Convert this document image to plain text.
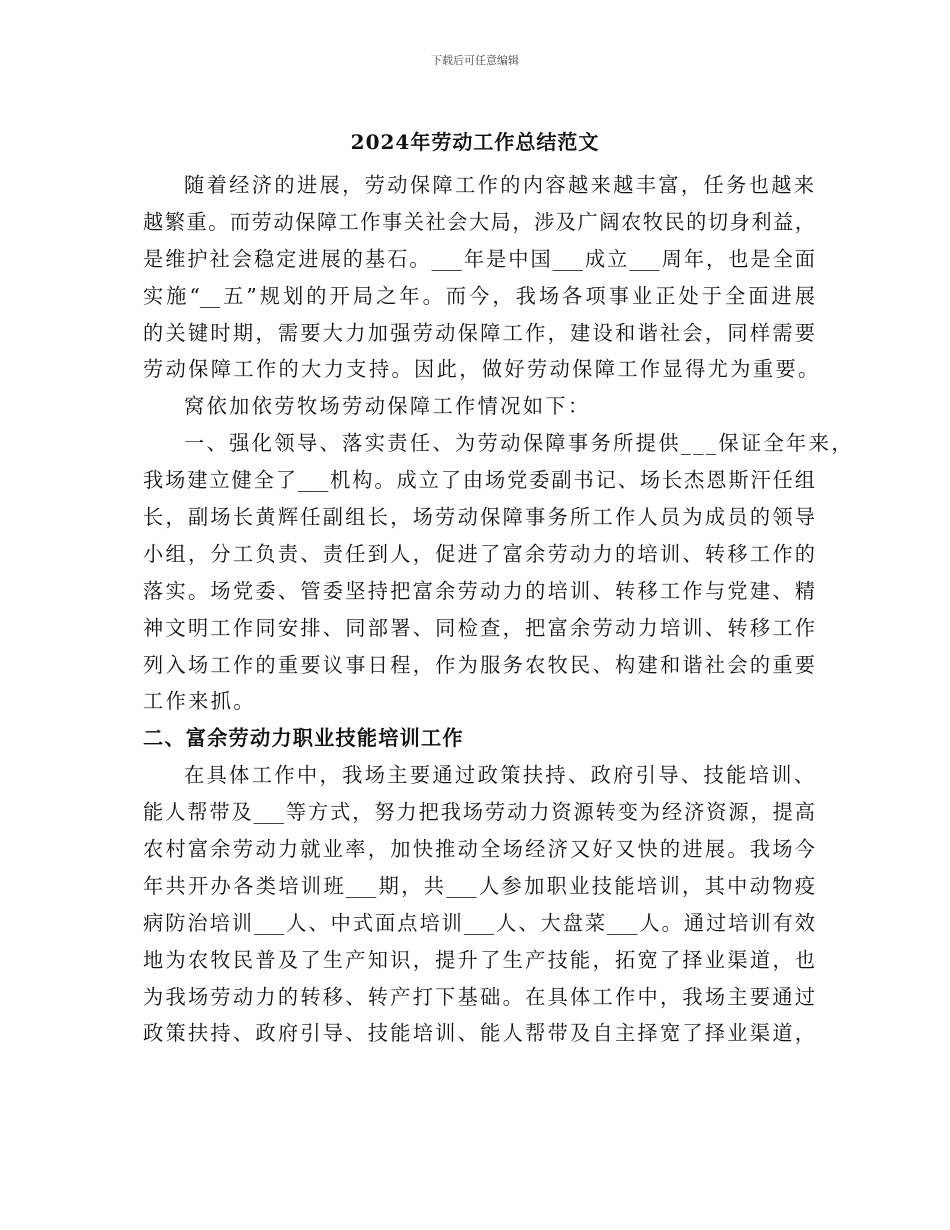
下载后可任意编辑
2024年劳动工作总结范文
随着经济的进展，劳动保障工作的内容越来越丰富，任务也越来
越繁重。而劳动保障工作事关社会大局，涉及广阔农牧民的切身利益，
是维护社会稳定进展的基石。___年是中国___成立___周年，也是全面
实施“__五”规划的开局之年。而今，我场各项事业正处于全面进展
的关键时期，需要大力加强劳动保障工作，建设和谐社会，同样需要
劳动保障工作的大力支持。因此，做好劳动保障工作显得尤为重要。
窝依加依劳牧场劳动保障工作情况如下：
一、强化领导、落实责任、为劳动保障事务所提供___保证全年来，
我场建立健全了___机构。成立了由场党委副书记、场长杰恩斯汗任组
长，副场长黄辉任副组长，场劳动保障事务所工作人员为成员的领导
小组，分工负责、责任到人，促进了富余劳动力的培训、转移工作的
落实。场党委、管委坚持把富余劳动力的培训、转移工作与党建、精
神文明工作同安排、同部署、同检查，把富余劳动力培训、转移工作
列入场工作的重要议事日程，作为服务农牧民、构建和谐社会的重要
工作来抓。
二、富余劳动力职业技能培训工作
在具体工作中，我场主要通过政策扶持、政府引导、技能培训、
能人帮带及___等方式，努力把我场劳动力资源转变为经济资源，提高
农村富余劳动力就业率，加快推动全场经济又好又快的进展。我场今
年共开办各类培训班___期，共___人参加职业技能培训，其中动物疫
病防治培训___人、中式面点培训___人、大盘菜___人。通过培训有效
地为农牧民普及了生产知识，提升了生产技能，拓宽了择业渠道，也
为我场劳动力的转移、转产打下基础。在具体工作中，我场主要通过
政策扶持、政府引导、技能培训、能人帮带及自主择宽了择业渠道，
